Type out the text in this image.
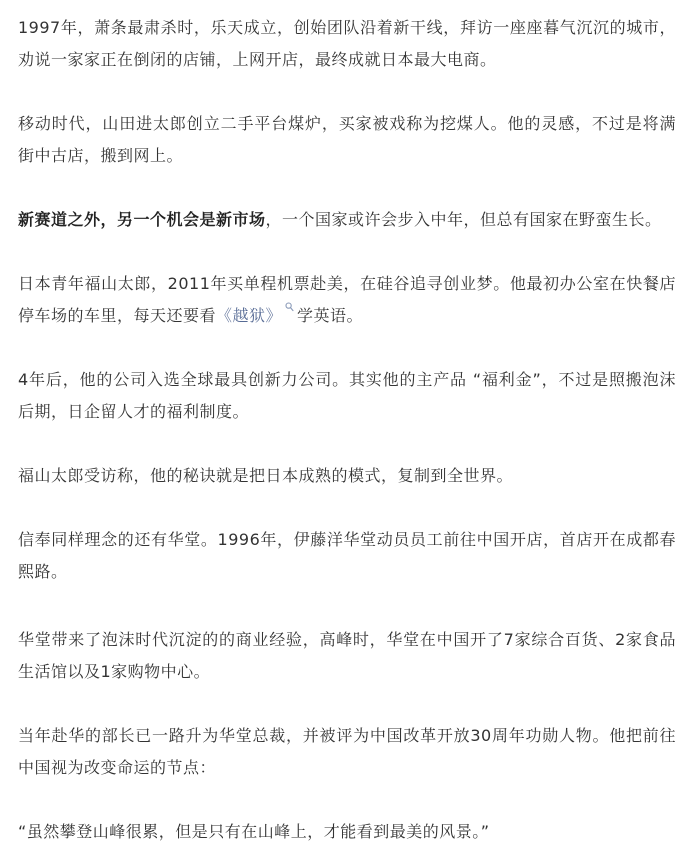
1997年，萧条最肃杀时，乐天成立，创始团队沿着新干线，拜访一座座暮气沉沉的城市，劝说一家家正在倒闭的店铺，上网开店，最终成就日本最大电商。

移动时代，山田进太郎创立二手平台煤炉，买家被戏称为挖煤人。他的灵感，不过是将满街中古店，搬到网上。

新赛道之外，另一个机会是新市场，一个国家或许会步入中年，但总有国家在野蛮生长。

日本青年福山太郎，2011年买单程机票赴美，在硅谷追寻创业梦。他最初办公室在快餐店停车场的车里，每天还要看《越狱》 学英语。

4年后，他的公司入选全球最具创新力公司。其实他的主产品 “福利金”，不过是照搬泡沫后期，日企留人才的福利制度。

福山太郎受访称，他的秘诀就是把日本成熟的模式，复制到全世界。

信奉同样理念的还有华堂。1996年，伊藤洋华堂动员员工前往中国开店，首店开在成都春熙路。

华堂带来了泡沫时代沉淀的的商业经验，高峰时，华堂在中国开了7家综合百货、2家食品生活馆以及1家购物中心。

当年赴华的部长已一路升为华堂总裁，并被评为中国改革开放30周年功勋人物。他把前往中国视为改变命运的节点：

“虽然攀登山峰很累，但是只有在山峰上，才能看到最美的风景。”
